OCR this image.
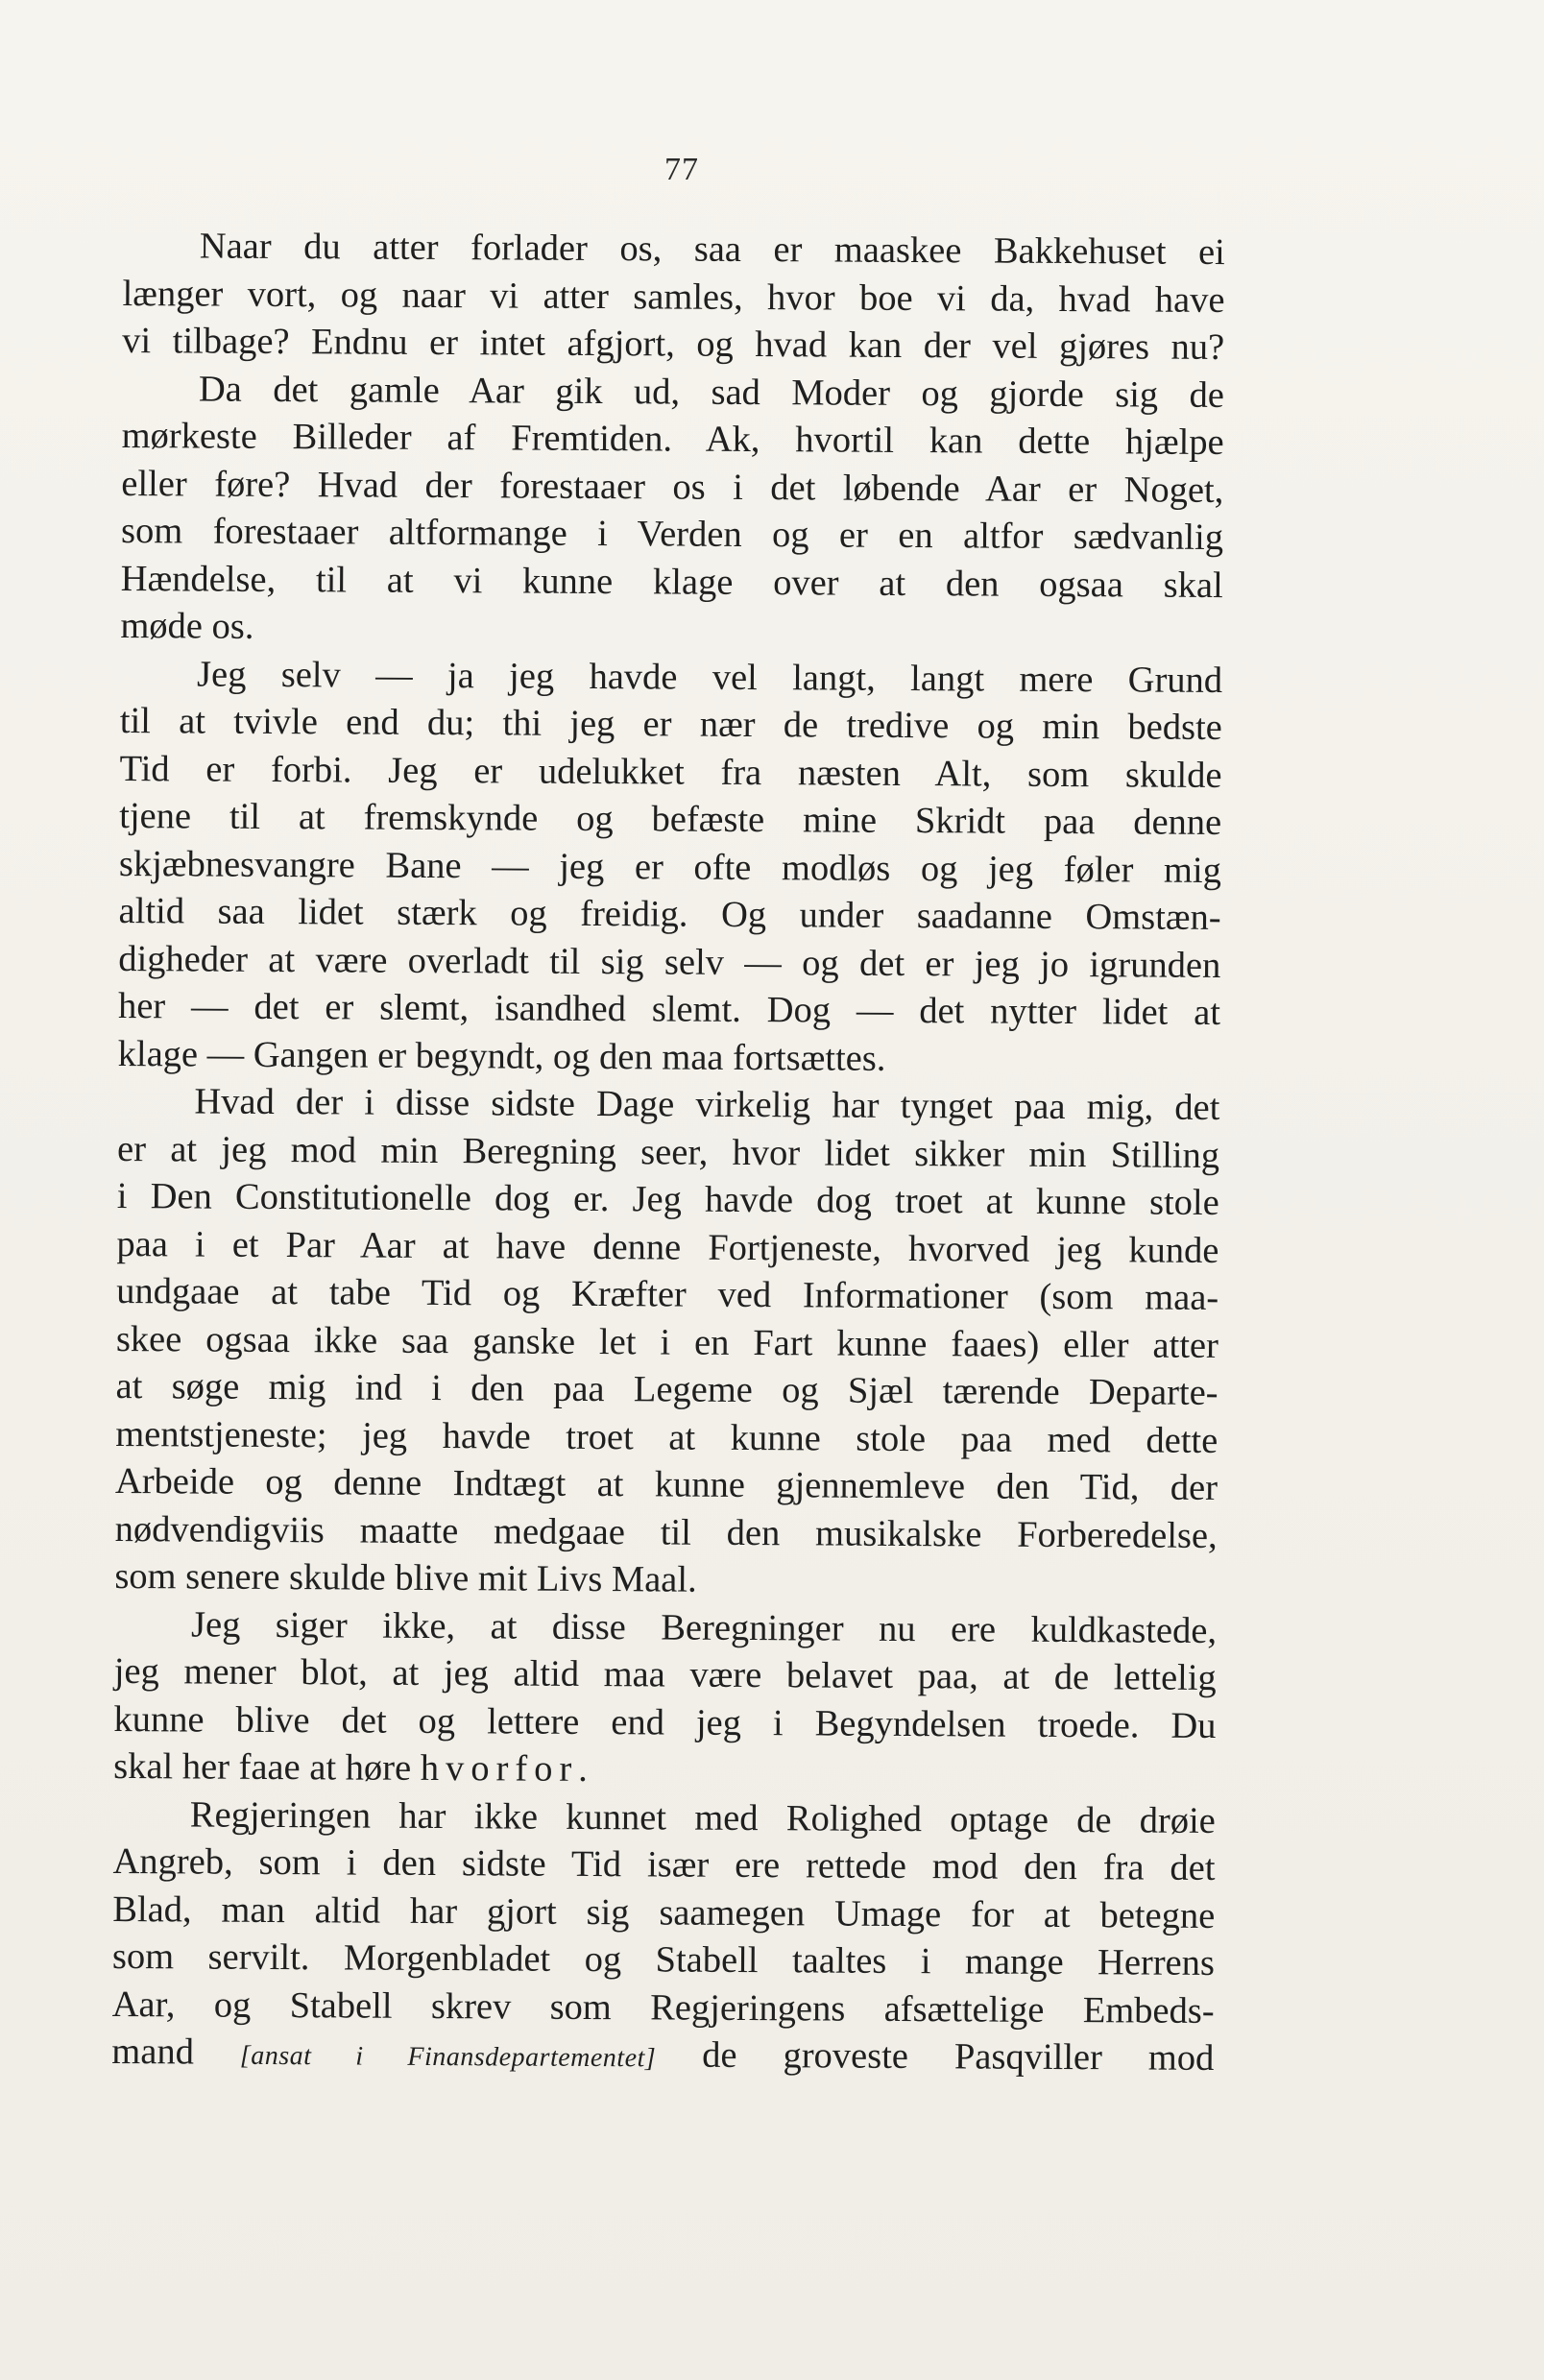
77

Naar du atter forlader os, saa er maaskee Bakkehuset ei
længer vort, og naar vi atter samles, hvor boe vi da, hvad have
vi tilbage? Endnu er intet afgjort, og hvad kan der vel gjøres nu?

Da det gamle Aar gik ud, sad Moder og gjorde sig de
mørkeste Billeder af Fremtiden. Ak, hvortil kan dette hjælpe
eller føre? Hvad der forestaaer os i det løbende Aar er Noget,
som forestaaer altformange i Verden og er en altfor sædvanlig
Hændelse, til at vi kunne klage over at den ogsaa skal
møde os.

Jeg selv — ja jeg havde vel langt, langt mere Grund
til at tvivle end du; thi jeg er nær de tredive og min bedste
Tid er forbi. Jeg er udelukket fra næsten Alt, som skulde
tjene til at fremskynde og befæste mine Skridt paa denne
skjæbnesvangre Bane — jeg er ofte modløs og jeg føler mig
altid saa lidet stærk og freidig. Og under saadanne Omstæn-
digheder at være overladt til sig selv — og det er jeg jo igrunden
her — det er slemt, isandhed slemt. Dog — det nytter lidet at
klage — Gangen er begyndt, og den maa fortsættes.

Hvad der i disse sidste Dage virkelig har tynget paa mig, det
er at jeg mod min Beregning seer, hvor lidet sikker min Stilling
i Den Constitutionelle dog er. Jeg havde dog troet at kunne stole
paa i et Par Aar at have denne Fortjeneste, hvorved jeg kunde
undgaae at tabe Tid og Kræfter ved Informationer (som maa-
skee ogsaa ikke saa ganske let i en Fart kunne faaes) eller atter
at søge mig ind i den paa Legeme og Sjæl tærende Departe-
mentstjeneste; jeg havde troet at kunne stole paa med dette
Arbeide og denne Indtægt at kunne gjennemleve den Tid, der
nødvendigviis maatte medgaae til den musikalske Forberedelse,
som senere skulde blive mit Livs Maal.

Jeg siger ikke, at disse Beregninger nu ere kuldkastede,
jeg mener blot, at jeg altid maa være belavet paa, at de lettelig
kunne blive det og lettere end jeg i Begyndelsen troede. Du
skal her faae at høre hvorfor.

Regjeringen har ikke kunnet med Rolighed optage de drøie
Angreb, som i den sidste Tid især ere rettede mod den fra det
Blad, man altid har gjort sig saamegen Umage for at betegne
som servilt. Morgenbladet og Stabell taaltes i mange Herrens
Aar, og Stabell skrev som Regjeringens afsættelige Embeds-
mand [ansat i Finansdepartementet] de groveste Pasqviller mod
